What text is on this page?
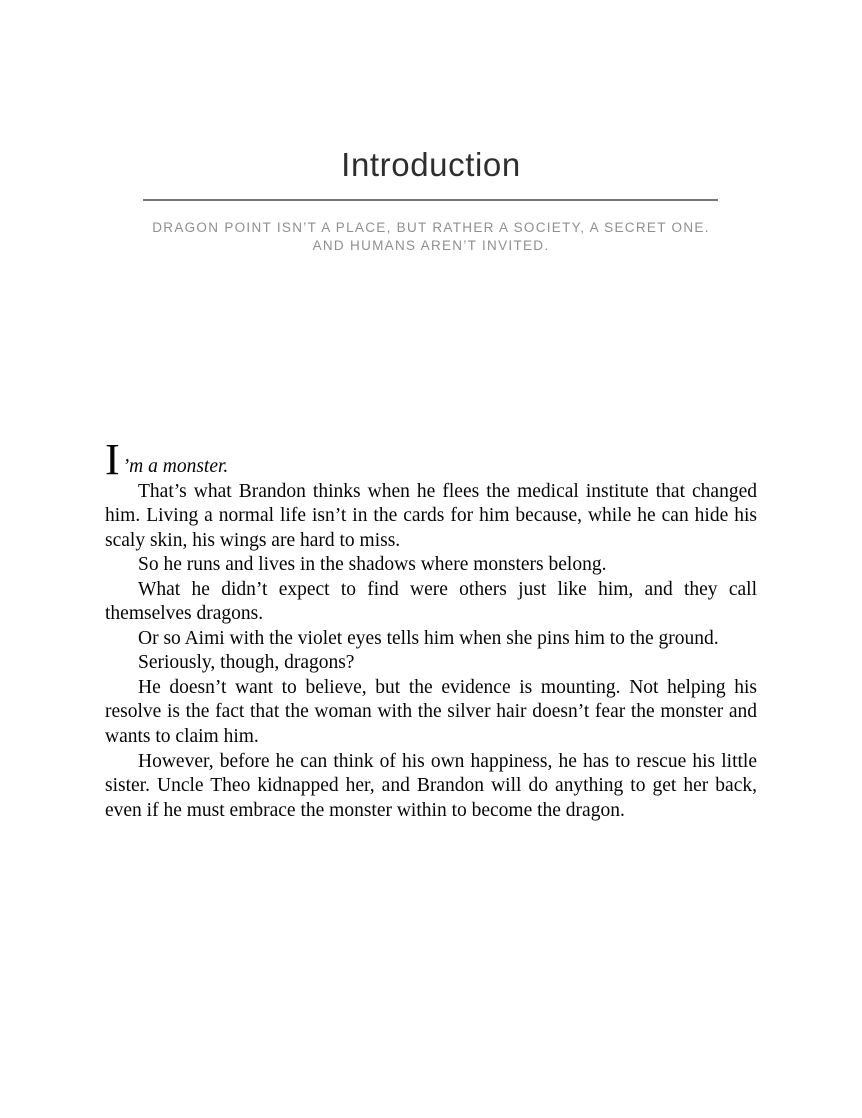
Introduction
DRAGON POINT ISN’T A PLACE, BUT RATHER A SOCIETY, A SECRET ONE.
AND HUMANS AREN’T INVITED.

I ’m a monster.

That’s what Brandon thinks when he flees the medical institute that changed him. Living a normal life isn’t in the cards for him because, while he can hide his scaly skin, his wings are hard to miss.

So he runs and lives in the shadows where monsters belong.

What he didn’t expect to find were others just like him, and they call themselves dragons.

Or so Aimi with the violet eyes tells him when she pins him to the ground.

Seriously, though, dragons?

He doesn’t want to believe, but the evidence is mounting. Not helping his resolve is the fact that the woman with the silver hair doesn’t fear the monster and wants to claim him.

However, before he can think of his own happiness, he has to rescue his little sister. Uncle Theo kidnapped her, and Brandon will do anything to get her back, even if he must embrace the monster within to become the dragon.
